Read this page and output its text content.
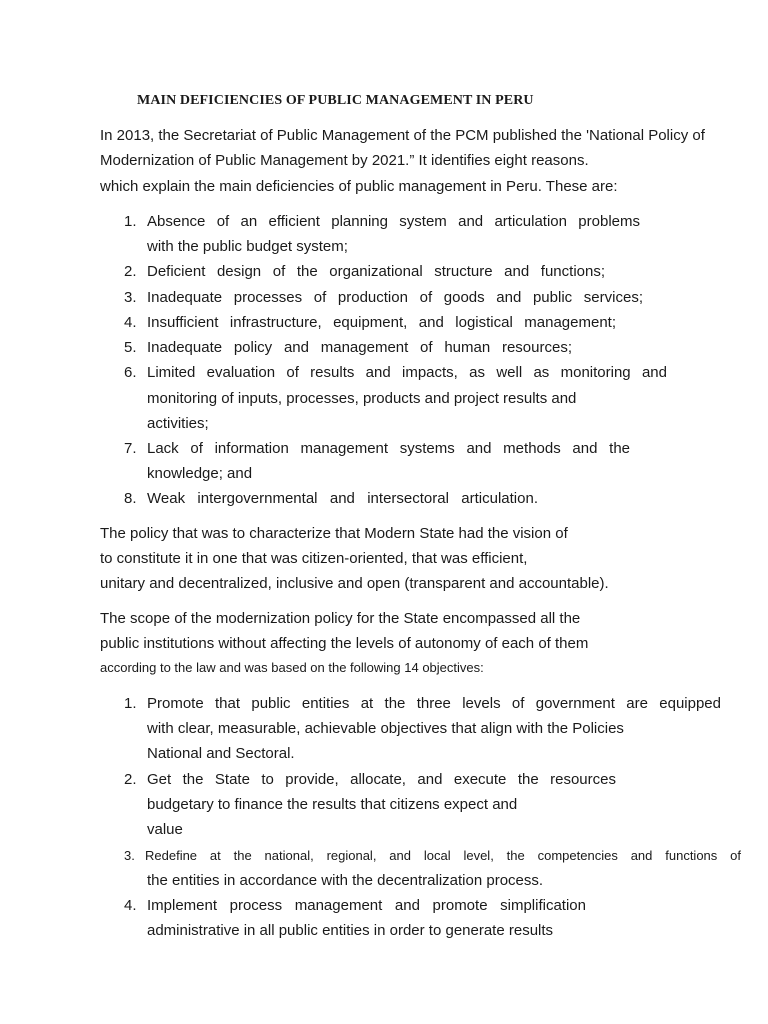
MAIN DEFICIENCIES OF PUBLIC MANAGEMENT IN PERU
In 2013, the Secretariat of Public Management of the PCM published the 'National Policy of
Modernization of Public Management by 2021.” It identifies eight reasons.
which explain the main deficiencies of public management in Peru. These are:
1. Absence of an efficient planning system and articulation problems
with the public budget system;
2. Deficient design of the organizational structure and functions;
3. Inadequate processes of production of goods and public services;
4. Insufficient infrastructure, equipment, and logistical management;
5. Inadequate policy and management of human resources;
6. Limited evaluation of results and impacts, as well as monitoring and
monitoring of inputs, processes, products and project results and
activities;
7. Lack of information management systems and methods and the
knowledge; and
8. Weak intergovernmental and intersectoral articulation.
The policy that was to characterize that Modern State had the vision of
to constitute it in one that was citizen-oriented, that was efficient,
unitary and decentralized, inclusive and open (transparent and accountable).
The scope of the modernization policy for the State encompassed all the
public institutions without affecting the levels of autonomy of each of them
according to the law and was based on the following 14 objectives:
1. Promote that public entities at the three levels of government are equipped
with clear, measurable, achievable objectives that align with the Policies
National and Sectoral.
2. Get the State to provide, allocate, and execute the resources
budgetary to finance the results that citizens expect and
value
3. Redefine at the national, regional, and local level, the competencies and functions of
the entities in accordance with the decentralization process.
4. Implement process management and promote simplification
administrative in all public entities in order to generate results
